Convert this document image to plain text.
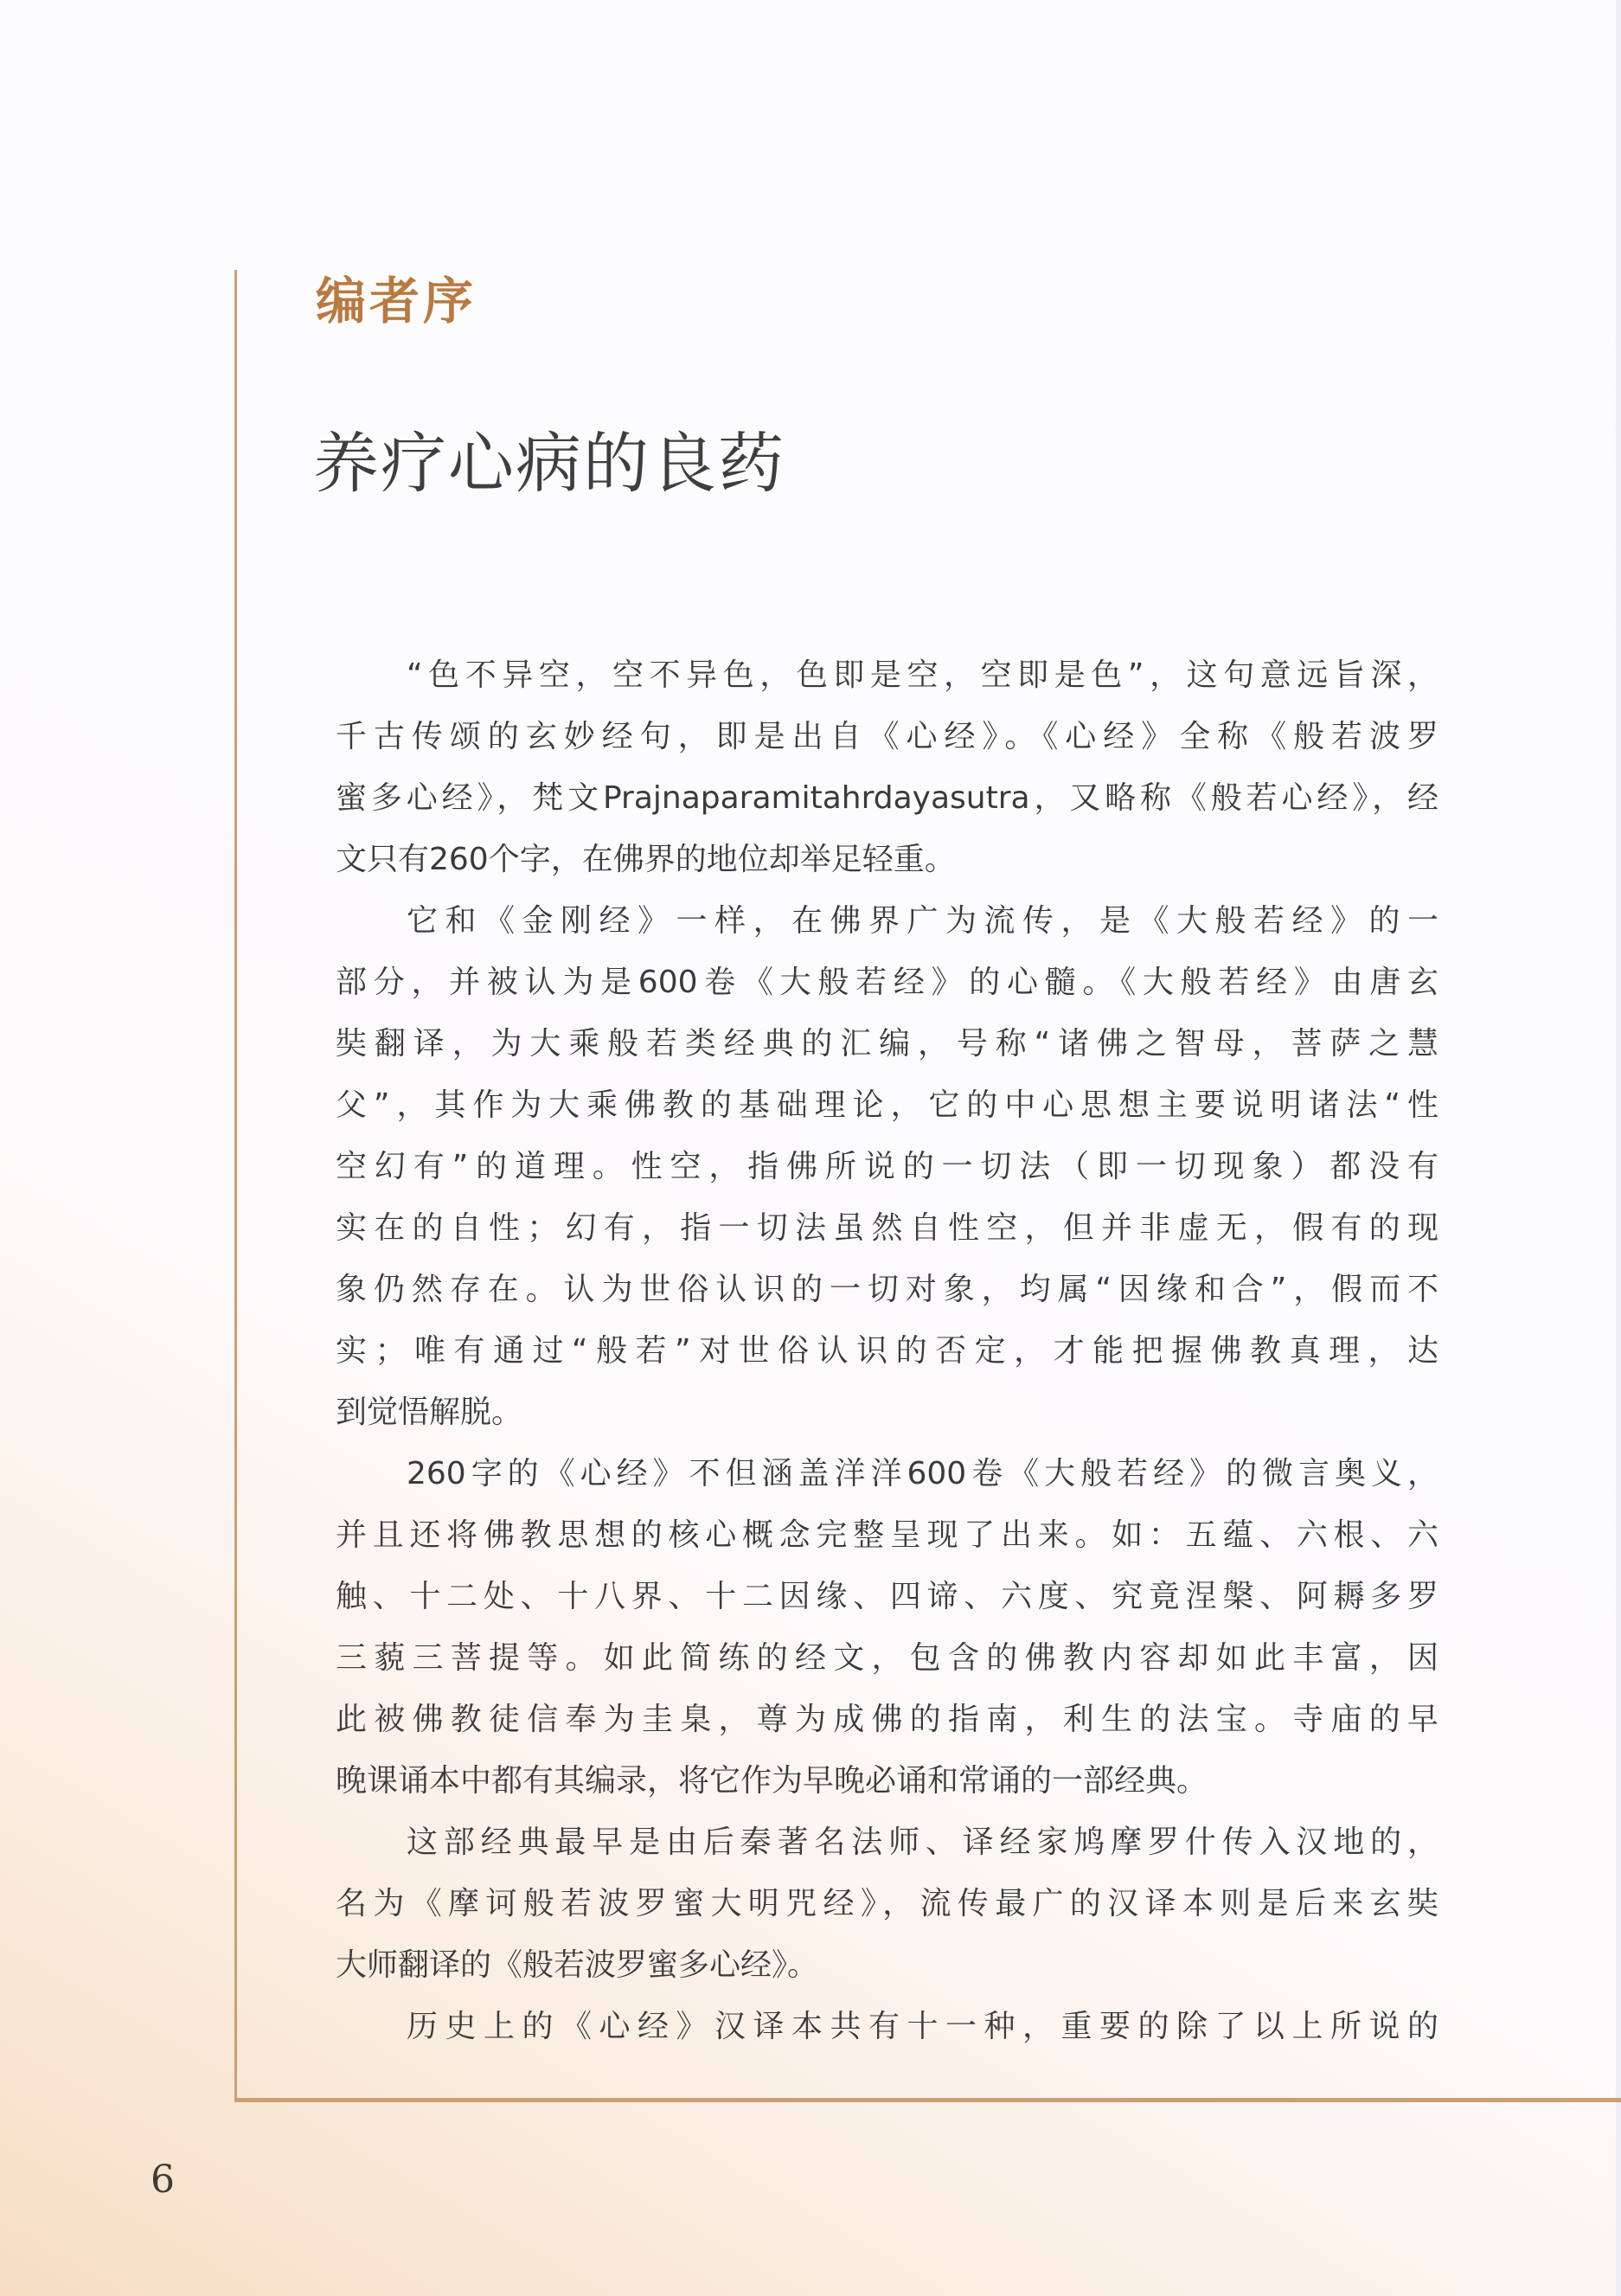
编者序
养疗心病的良药
“色不异空，空不异色，色即是空，空即是色”，这句意远旨深，
千古传颂的玄妙经句，即是出自《心经》。《心经》全称《般若波罗
蜜多心经》，梵文Prajnaparamitahrdayasutra，又略称《般若心经》，经
文只有260个字，在佛界的地位却举足轻重。
它和《金刚经》一样，在佛界广为流传，是《大般若经》的一
部分，并被认为是600卷《大般若经》的心髓。《大般若经》由唐玄
奘翻译，为大乘般若类经典的汇编，号称“诸佛之智母，菩萨之慧
父”，其作为大乘佛教的基础理论，它的中心思想主要说明诸法“性
空幻有”的道理。性空，指佛所说的一切法（即一切现象）都没有
实在的自性；幻有，指一切法虽然自性空，但并非虚无，假有的现
象仍然存在。认为世俗认识的一切对象，均属“因缘和合”，假而不
实；唯有通过“般若”对世俗认识的否定，才能把握佛教真理，达
到觉悟解脱。
260字的《心经》不但涵盖洋洋600卷《大般若经》的微言奥义，
并且还将佛教思想的核心概念完整呈现了出来。如：五蕴、六根、六
触、十二处、十八界、十二因缘、四谛、六度、究竟涅槃、阿耨多罗
三藐三菩提等。如此简练的经文，包含的佛教内容却如此丰富，因
此被佛教徒信奉为圭臬，尊为成佛的指南，利生的法宝。寺庙的早
晚课诵本中都有其编录，将它作为早晚必诵和常诵的一部经典。
这部经典最早是由后秦著名法师、译经家鸠摩罗什传入汉地的，
名为《摩诃般若波罗蜜大明咒经》，流传最广的汉译本则是后来玄奘
大师翻译的《般若波罗蜜多心经》。
历史上的《心经》汉译本共有十一种，重要的除了以上所说的
6
